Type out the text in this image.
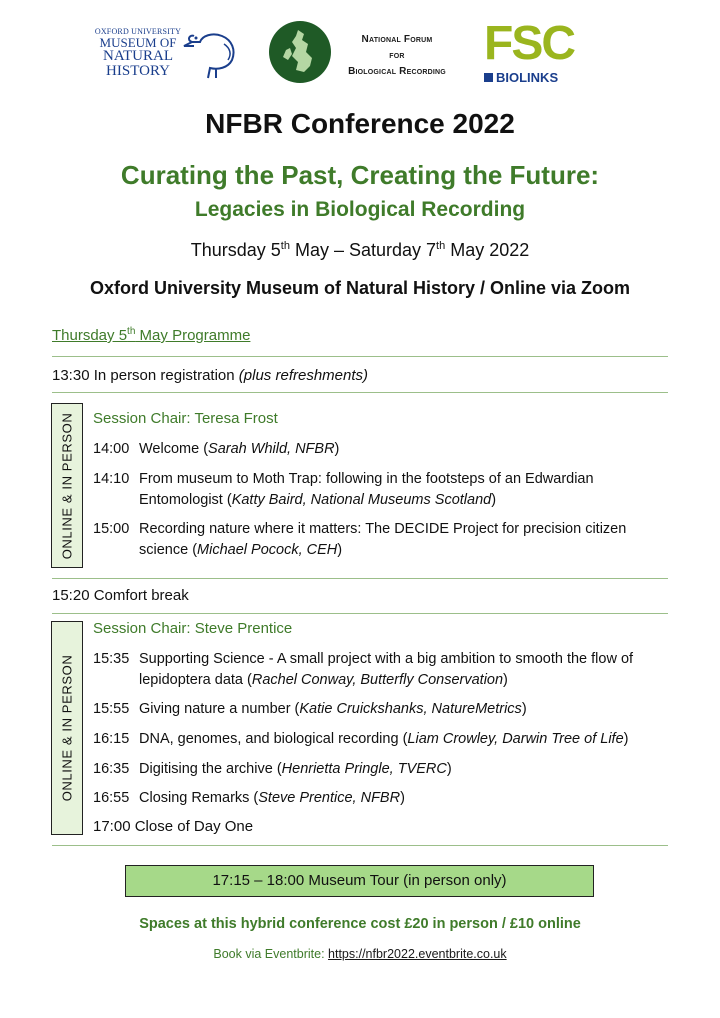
OXFORD UNIVERSITY
MUSEUM OF
NATURAL
HISTORY
National Forum
for
Biological Recording
FSC
BIOLINKS
NFBR Conference 2022
Curating the Past, Creating the Future:
Legacies in Biological Recording
Thursday 5th May – Saturday 7th May 2022
Oxford University Museum of Natural History / Online via Zoom
Thursday 5th May Programme
13:30 In person registration (plus refreshments)
ONLINE & IN PERSON Session Chair: Teresa Frost
14:00 Welcome (Sarah Whild, NFBR)
14:10 From museum to Moth Trap: following in the footsteps of an Edwardian
Entomologist (Katty Baird, National Museums Scotland)
15:00 Recording nature where it matters: The DECIDE Project for precision citizen
science (Michael Pocock, CEH)
15:20 Comfort break
ONLINE & IN PERSON
Session Chair: Steve Prentice
15:35 Supporting Science - A small project with a big ambition to smooth the flow of
lepidoptera data (Rachel Conway, Butterfly Conservation)
15:55 Giving nature a number (Katie Cruickshanks, NatureMetrics)
16:15 DNA, genomes, and biological recording (Liam Crowley, Darwin Tree of Life)
16:35 Digitising the archive (Henrietta Pringle, TVERC)
16:55 Closing Remarks (Steve Prentice, NFBR)
17:00 Close of Day One
17:15 – 18:00 Museum Tour (in person only)
Spaces at this hybrid conference cost £20 in person / £10 online
Book via Eventbrite: https://nfbr2022.eventbrite.co.uk
